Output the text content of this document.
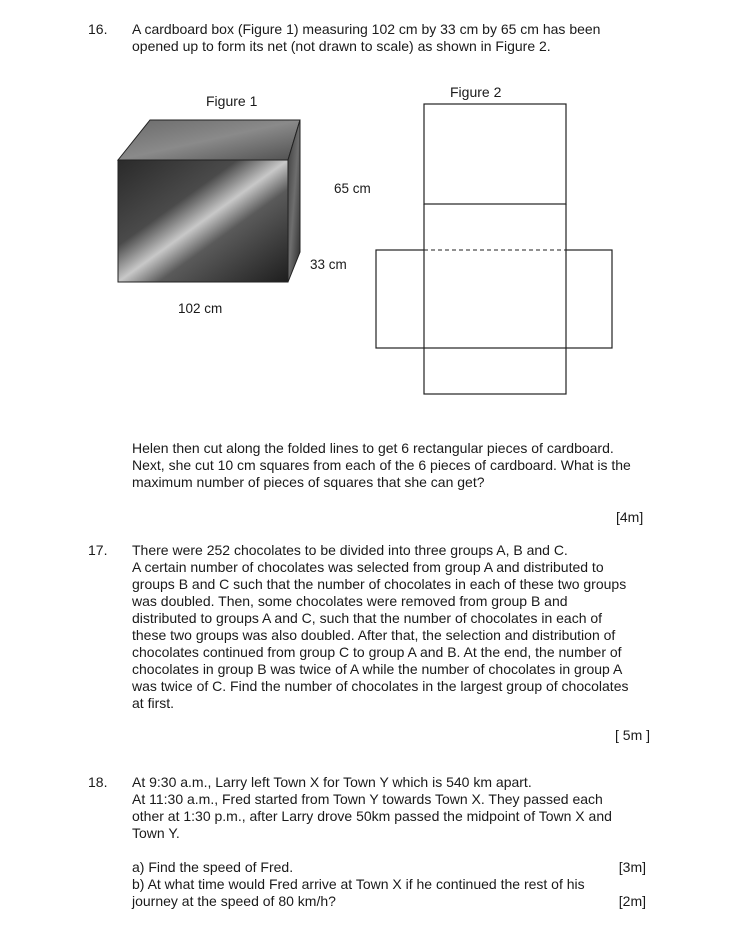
16. A cardboard box (Figure 1) measuring 102 cm by 33 cm by 65 cm has been
opened up to form its net (not drawn to scale) as shown in Figure 2.
Figure 1
Figure 2
65 cm
33 cm
102 cm
Helen then cut along the folded lines to get 6 rectangular pieces of cardboard.
Next, she cut 10 cm squares from each of the 6 pieces of cardboard. What is the
maximum number of pieces of squares that she can get?
[4m]
17. There were 252 chocolates to be divided into three groups A, B and C.
A certain number of chocolates was selected from group A and distributed to
groups B and C such that the number of chocolates in each of these two groups
was doubled. Then, some chocolates were removed from group B and
distributed to groups A and C, such that the number of chocolates in each of
these two groups was also doubled. After that, the selection and distribution of
chocolates continued from group C to group A and B. At the end, the number of
chocolates in group B was twice of A while the number of chocolates in group A
was twice of C. Find the number of chocolates in the largest group of chocolates
at first.
[ 5m ]
18. At 9:30 a.m., Larry left Town X for Town Y which is 540 km apart.
At 11:30 a.m., Fred started from Town Y towards Town X. They passed each
other at 1:30 p.m., after Larry drove 50km passed the midpoint of Town X and
Town Y.
a) Find the speed of Fred.	[3m]
b) At what time would Fred arrive at Town X if he continued the rest of his
journey at the speed of 80 km/h?	[2m]
